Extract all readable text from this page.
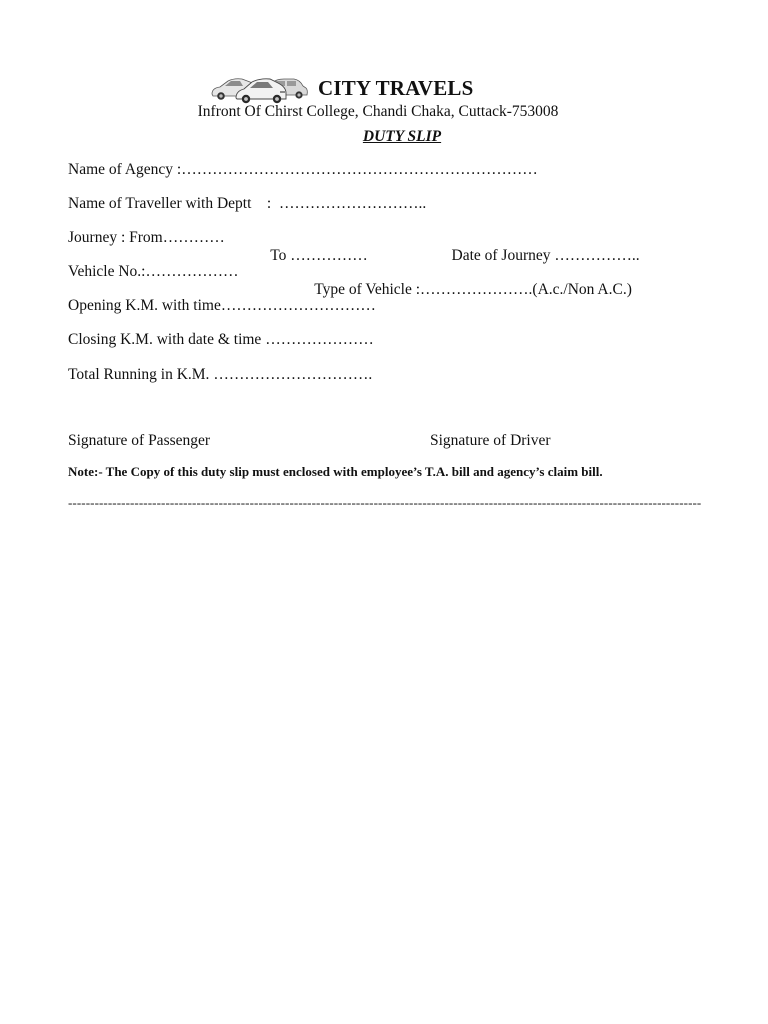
CITY TRAVELS
Infront Of Chirst College, Chandi Chaka, Cuttack-753008
DUTY SLIP
Name of Agency :……………………………………………………………
Name of Traveller with Deptt    :  ………………………..
Journey : From…………

To ……………
	Date of Journey ……………..

Vehicle No.:………………

Type of Vehicle :………………….(A.c./Non A.C.)

Opening K.M. with time…………………………
Closing K.M. with date & time …………………
Total Running in K.M. ………………………….
Signature of Passenger	Signature of Driver
Note:- The Copy of this duty slip must enclosed with employee’s T.A. bill and agency’s claim bill.
-----------------------------------------------------------------------------------------------------------------------------------------------
